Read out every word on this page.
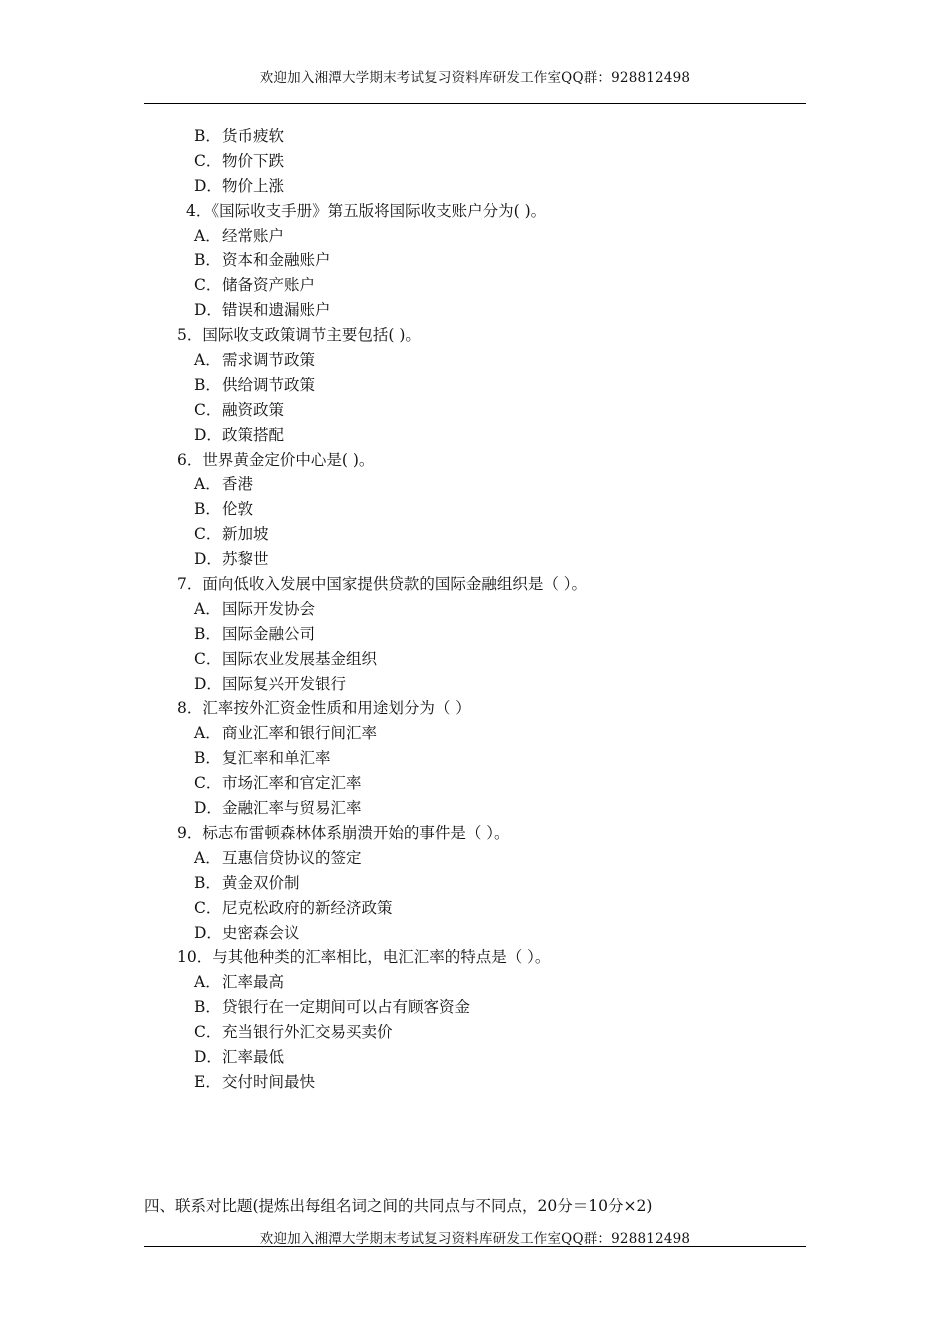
欢迎加入湘潭大学期末考试复习资料库研发工作室QQ群：928812498
B．货币疲软
C．物价下跌
D．物价上涨
4．《国际收支手册》第五版将国际收支账户分为( )。
A．经常账户
B．资本和金融账户
C．储备资产账户
D．错误和遗漏账户
5．国际收支政策调节主要包括( )。
A．需求调节政策
B．供给调节政策
C．融资政策
D．政策搭配
6．世界黄金定价中心是( )。
A．香港
B．伦敦
C．新加坡
D．苏黎世
7．面向低收入发展中国家提供贷款的国际金融组织是（ ）。
A．国际开发协会
B．国际金融公司
C．国际农业发展基金组织
D．国际复兴开发银行
8．汇率按外汇资金性质和用途划分为（ ）
A．商业汇率和银行间汇率
B．复汇率和单汇率
C．市场汇率和官定汇率
D．金融汇率与贸易汇率
9．标志布雷顿森林体系崩溃开始的事件是（ ）。
A．互惠信贷协议的签定
B．黄金双价制
C．尼克松政府的新经济政策
D．史密森会议
10．与其他种类的汇率相比，电汇汇率的特点是（ ）。
A．汇率最高
B．贷银行在一定期间可以占有顾客资金
C．充当银行外汇交易买卖价
D．汇率最低
E．交付时间最快
四、联系对比题(提炼出每组名词之间的共同点与不同点，20分＝10分×2)
欢迎加入湘潭大学期末考试复习资料库研发工作室QQ群：928812498
